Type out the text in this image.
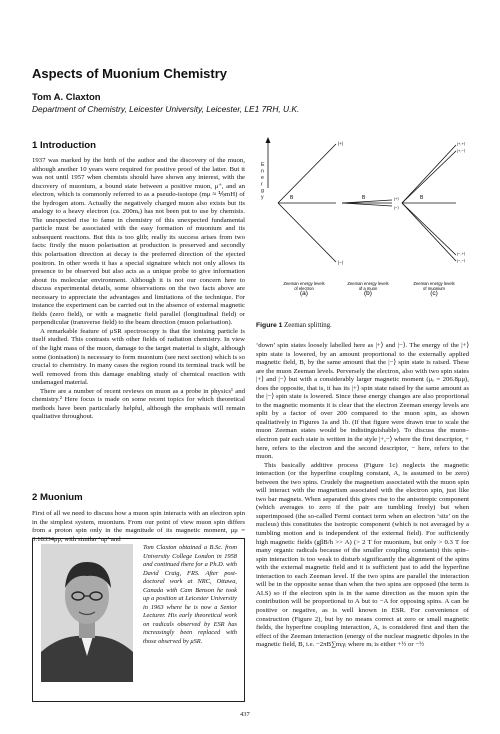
Aspects of Muonium Chemistry
Tom A. Claxton
Department of Chemistry, Leicester University, Leicester, LE1 7RH, U.K.
1 Introduction

1937 was marked by the birth of the author and the discovery of the muon, although another 10 years were required for positive proof of the latter. But it was not until 1957 when chemists should have shown any interest, with the discovery of muonium, a bound state between a positive muon, μ⁺, and an electron, which is commonly referred to as a pseudo-isotope (mμ ≈ ⅑mH) of the hydrogen atom. Actually the negatively charged muon also exists but its analogy to a heavy electron (ca. 200mₑ) has not been put to use by chemists. The unexpected rise to fame in chemistry of this unexpected fundamental particle must be associated with the easy formation of muonium and its subsequent reactions. But this is too glib; really its success arises from two facts: firstly the muon polarisation at production is preserved and secondly this polarisation direction at decay is the preferred direction of the ejected positron. In other words it has a special signature which not only allows its presence to be observed but also acts as a unique probe to give information about its molecular environment. Although it is not our concern here to discuss experimental details, some observations on the two facts above are necessary to appreciate the advantages and limitations of the technique. For instance the experiment can be carried out in the absence of external magnetic fields (zero field), or with a magnetic field parallel (longitudinal field) or perpendicular (transverse field) to the beam direction (muon polarisation).

A remarkable feature of μSR spectroscopy is that the ionising particle is itself studied. This contrasts with other fields of radiation chemistry. In view of the light mass of the muon, damage to the target material is slight, although some (ionisation) is necessary to form muonium (see next section) which is so crucial to chemistry. In many cases the region round its terminal track will be well removed from this damage enabling study of chemical reaction with undamaged material.

There are a number of recent reviews on muon as a probe in physics¹ and chemistry.² Here focus is made on some recent topics for which theoretical methods have been particularly helpful, although the emphasis will remain qualitative throughout.

2 Muonium

First of all we need to discuss how a muon spin interacts with an electron spin in the simplest system, muonium. From our point of view muon spin differs from a proton spin only in the magnitude of its magnetic moment, μμ = 3.18334μp, with similar ‘up’ and

Tom Claxton obtained a B.Sc. from University College London in 1958 and continued there for a Ph.D. with David Craig, FRS. After post-doctoral work at NRC, Ottawa, Canada with Cam Benson he took up a position at Leicester University in 1963 where he is now a Senior Lecturer. His early theoretical work on radicals observed by ESR has increasingly been replaced with those observed by μSR.
E
n
e
r
g
y
|+⟩
|−⟩
B
(a)
Zeeman energy levels
of electron
|+⟩
|−⟩
B
(b)
Zeeman energy levels
of a muon
|+,+⟩
|+,−⟩
|−,+⟩
|−,−⟩
B
(c)
Zeeman energy levels
of muonium
Figure 1 Zeeman splitting.

‘down’ spin states loosely labelled here as |+⟩ and |−⟩. The energy of the |+⟩ spin state is lowered, by an amount proportional to the externally applied magnetic field, B, by the same amount that the |−⟩ spin state is raised. These are the muon Zeeman levels. Perversely the electron, also with two spin states |+⟩ and |−⟩ but with a considerably larger magnetic moment (μₑ = 206.8μμ), does the opposite, that is, it has its |+⟩ spin state raised by the same amount as the |−⟩ spin state is lowered. Since these energy changes are also proportional to the magnetic moments it is clear that the electron Zeeman energy levels are split by a factor of over 200 compared to the muon spin, as shown qualitatively in Figures 1a and 1b. (If that figure were drawn true to scale the muon Zeeman states would be indistinguishable). To discuss the muon–electron pair each state is written in the style |+,−⟩ where the first descriptor, + here, refers to the electron and the second descriptor, − here, refers to the muon.

This basically additive process (Figure 1c) neglects the magnetic interaction (or the hyperfine coupling constant, A, is assumed to be zero) between the two spins. Crudely the magnetism associated with the muon spin will interact with the magnetism associated with the electron spin, just like two bar magnets. When separated this gives rise to the anisotropic component (which averages to zero if the pair are tumbling freely) but when superimposed (the so-called Fermi contact term when an electron ‘sits’ on the nucleus) this constitutes the isotropic component (which is not averaged by a tumbling motion and is independent of the external field). For sufficiently high magnetic fields (gβB/h >> A) (> 2 T for muonium, but only > 0.3 T for many organic radicals because of the smaller coupling constants) this spin–spin interaction is too weak to disturb significantly the alignment of the spins with the external magnetic field and it is sufficient just to add the hyperfine interaction to each Zeeman level. If the two spins are parallel the interaction will be in the opposite sense than when the two spins are opposed (the term is AI.S) so if the electron spin is in the same direction as the muon spin the contribution will be proportional to A but to −A for opposing spins. A can be positive or negative, as is well known in ESR. For convenience of construction (Figure 2), but by no means correct at zero or small magnetic fields, the hyperfine coupling interaction, A, is considered first and then the effect of the Zeeman interaction (energy of the nuclear magnetic dipoles in the magnetic field, B, i.e. −2πB∑mᵢγᵢ where mᵢ is either +½ or −½

437
